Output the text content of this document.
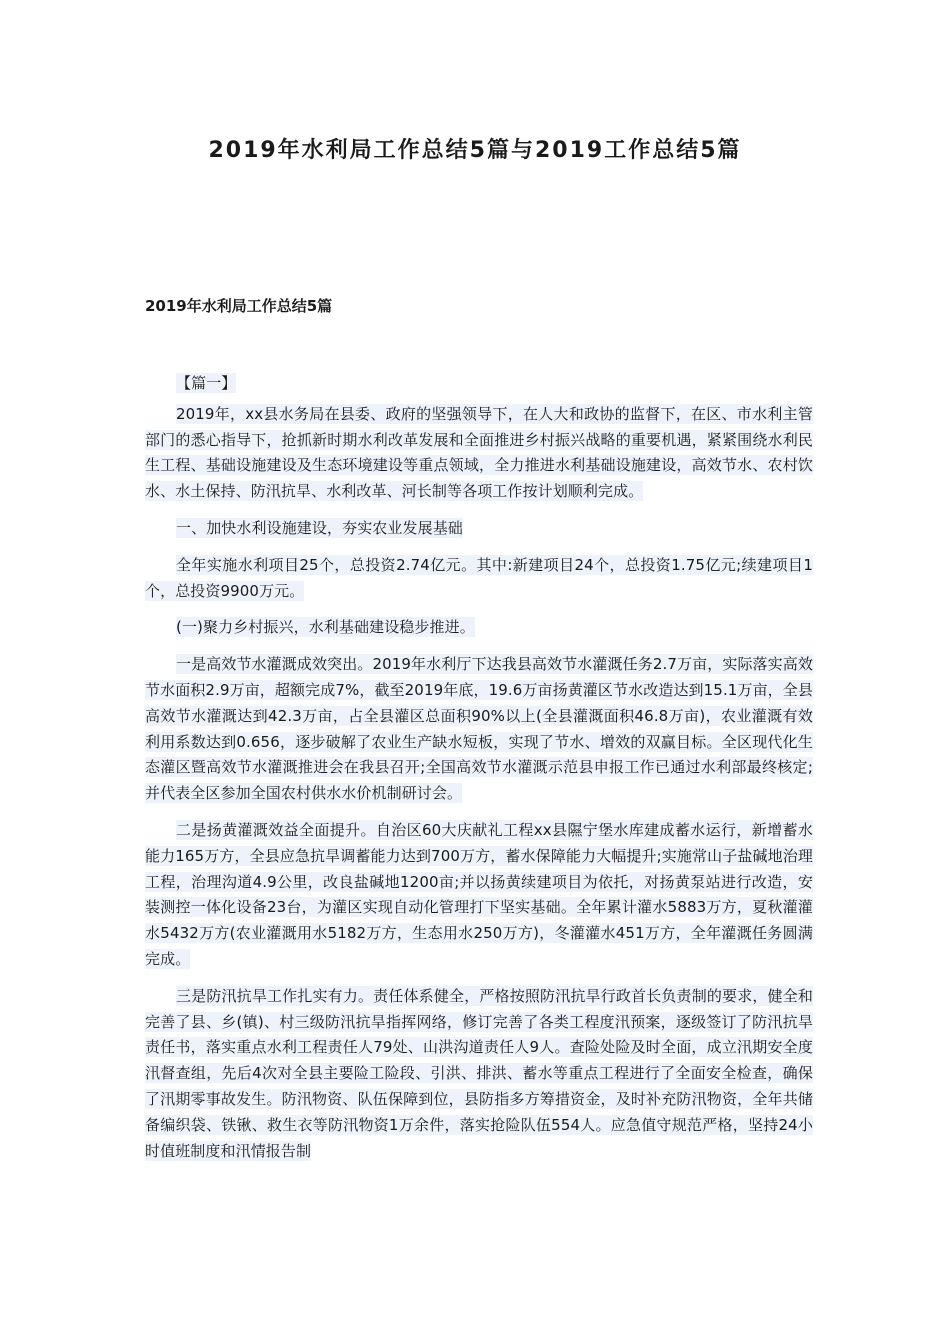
2019年水利局工作总结5篇与2019工作总结5篇
2019年水利局工作总结5篇

【篇一】

2019年，xx县水务局在县委、政府的坚强领导下，在人大和政协的监督下，在区、市水利主管部门的悉心指导下，抢抓新时期水利改革发展和全面推进乡村振兴战略的重要机遇，紧紧围绕水利民生工程、基础设施建设及生态环境建设等重点领域，全力推进水利基础设施建设，高效节水、农村饮水、水土保持、防汛抗旱、水利改革、河长制等各项工作按计划顺利完成。

一、加快水利设施建设，夯实农业发展基础

全年实施水利项目25个，总投资2.74亿元。其中:新建项目24个，总投资1.75亿元;续建项目1个，总投资9900万元。

(一)聚力乡村振兴，水利基础建设稳步推进。

一是高效节水灌溉成效突出。2019年水利厅下达我县高效节水灌溉任务2.7万亩，实际落实高效节水面积2.9万亩，超额完成7%，截至2019年底，19.6万亩扬黄灌区节水改造达到15.1万亩，全县高效节水灌溉达到42.3万亩，占全县灌区总面积90%以上(全县灌溉面积46.8万亩)，农业灌溉有效利用系数达到0.656，逐步破解了农业生产缺水短板，实现了节水、增效的双赢目标。全区现代化生态灌区暨高效节水灌溉推进会在我县召开;全国高效节水灌溉示范县申报工作已通过水利部最终核定;并代表全区参加全国农村供水水价机制研讨会。

二是扬黄灌溉效益全面提升。自治区60大庆献礼工程xx县隰宁堡水库建成蓄水运行，新增蓄水能力165万方，全县应急抗旱调蓄能力达到700万方，蓄水保障能力大幅提升;实施常山子盐碱地治理工程，治理沟道4.9公里，改良盐碱地1200亩;并以扬黄续建项目为依托，对扬黄泵站进行改造，安装测控一体化设备23台，为灌区实现自动化管理打下坚实基础。全年累计灌水5883万方，夏秋灌灌水5432万方(农业灌溉用水5182万方，生态用水250万方)，冬灌灌水451万方，全年灌溉任务圆满完成。

三是防汛抗旱工作扎实有力。责任体系健全，严格按照防汛抗旱行政首长负责制的要求，健全和完善了县、乡(镇)、村三级防汛抗旱指挥网络，修订完善了各类工程度汛预案，逐级签订了防汛抗旱责任书，落实重点水利工程责任人79处、山洪沟道责任人9人。查险处险及时全面，成立汛期安全度汛督查组，先后4次对全县主要险工险段、引洪、排洪、蓄水等重点工程进行了全面安全检查，确保了汛期零事故发生。防汛物资、队伍保障到位，县防指多方筹措资金，及时补充防汛物资，全年共储备编织袋、铁锹、救生衣等防汛物资1万余件，落实抢险队伍554人。应急值守规范严格，坚持24小时值班制度和汛情报告制
